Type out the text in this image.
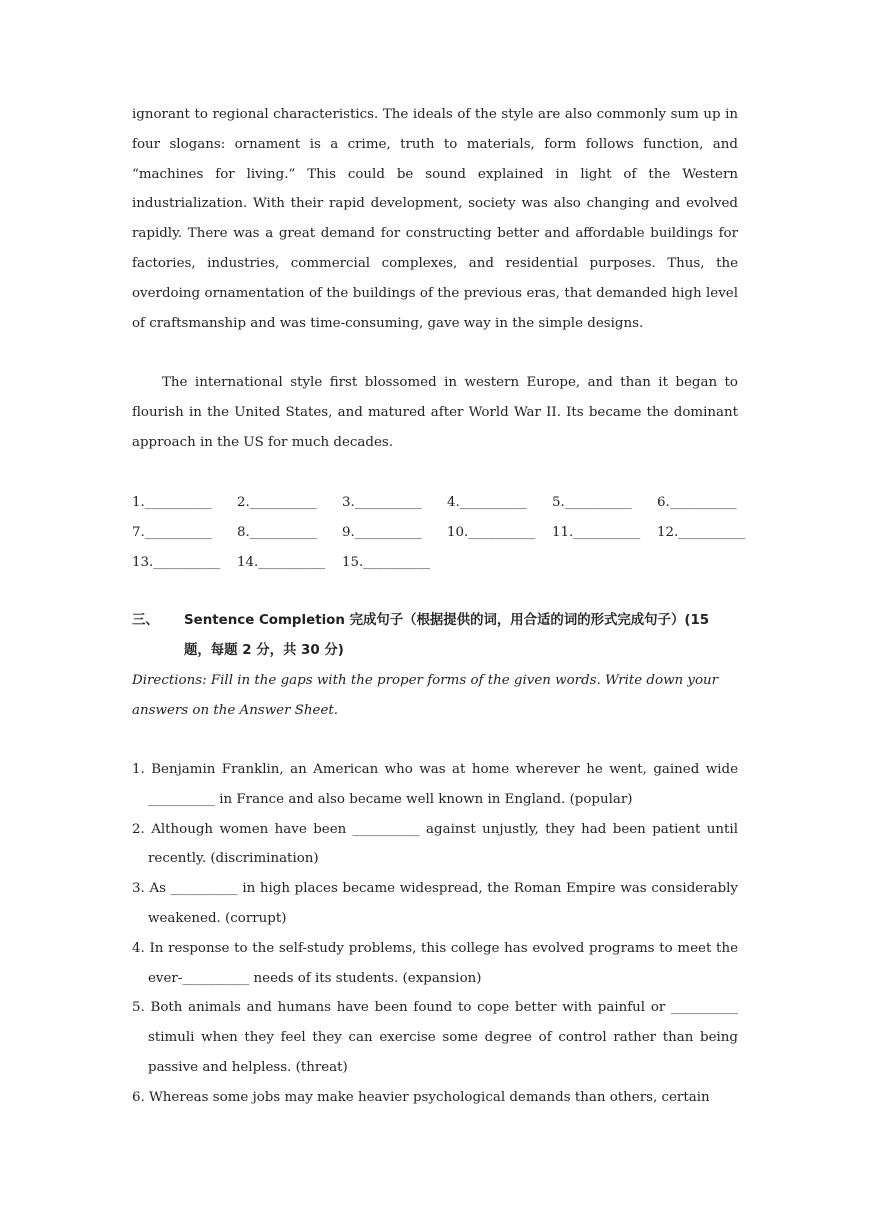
ignorant to regional characteristics. The ideals of the style are also commonly sum up in four slogans: ornament is a crime, truth to materials, form follows function, and “machines for living.” This could be sound explained in light of the Western industrialization. With their rapid development, society was also changing and evolved rapidly. There was a great demand for constructing better and affordable buildings for factories, industries, commercial complexes, and residential purposes. Thus, the overdoing ornamentation of the buildings of the previous eras, that demanded high level of craftsmanship and was time-consuming, gave way in the simple designs.

The international style first blossomed in western Europe, and than it began to flourish in the United States, and matured after World War II. Its became the dominant approach in the US for much decades.

1.__________ 2.__________ 3.__________ 4.__________ 5.__________ 6.__________
7.__________ 8.__________ 9.__________ 10.__________ 11.__________ 12.__________
13.__________ 14.__________ 15.__________
三、	Sentence Completion 完成句子（根据提供的词，用合适的词的形式完成句子）(15 题，每题 2 分，共 30 分)

Directions: Fill in the gaps with the proper forms of the given words. Write down your answers on the Answer Sheet.

1. Benjamin Franklin, an American who was at home wherever he went, gained wide __________ in France and also became well known in England. (popular)

2. Although women have been __________ against unjustly, they had been patient until recently. (discrimination)

3. As __________ in high places became widespread, the Roman Empire was considerably weakened. (corrupt)

4. In response to the self-study problems, this college has evolved programs to meet the ever-__________ needs of its students. (expansion)

5. Both animals and humans have been found to cope better with painful or __________ stimuli when they feel they can exercise some degree of control rather than being passive and helpless. (threat)

6. Whereas some jobs may make heavier psychological demands than others, certain
